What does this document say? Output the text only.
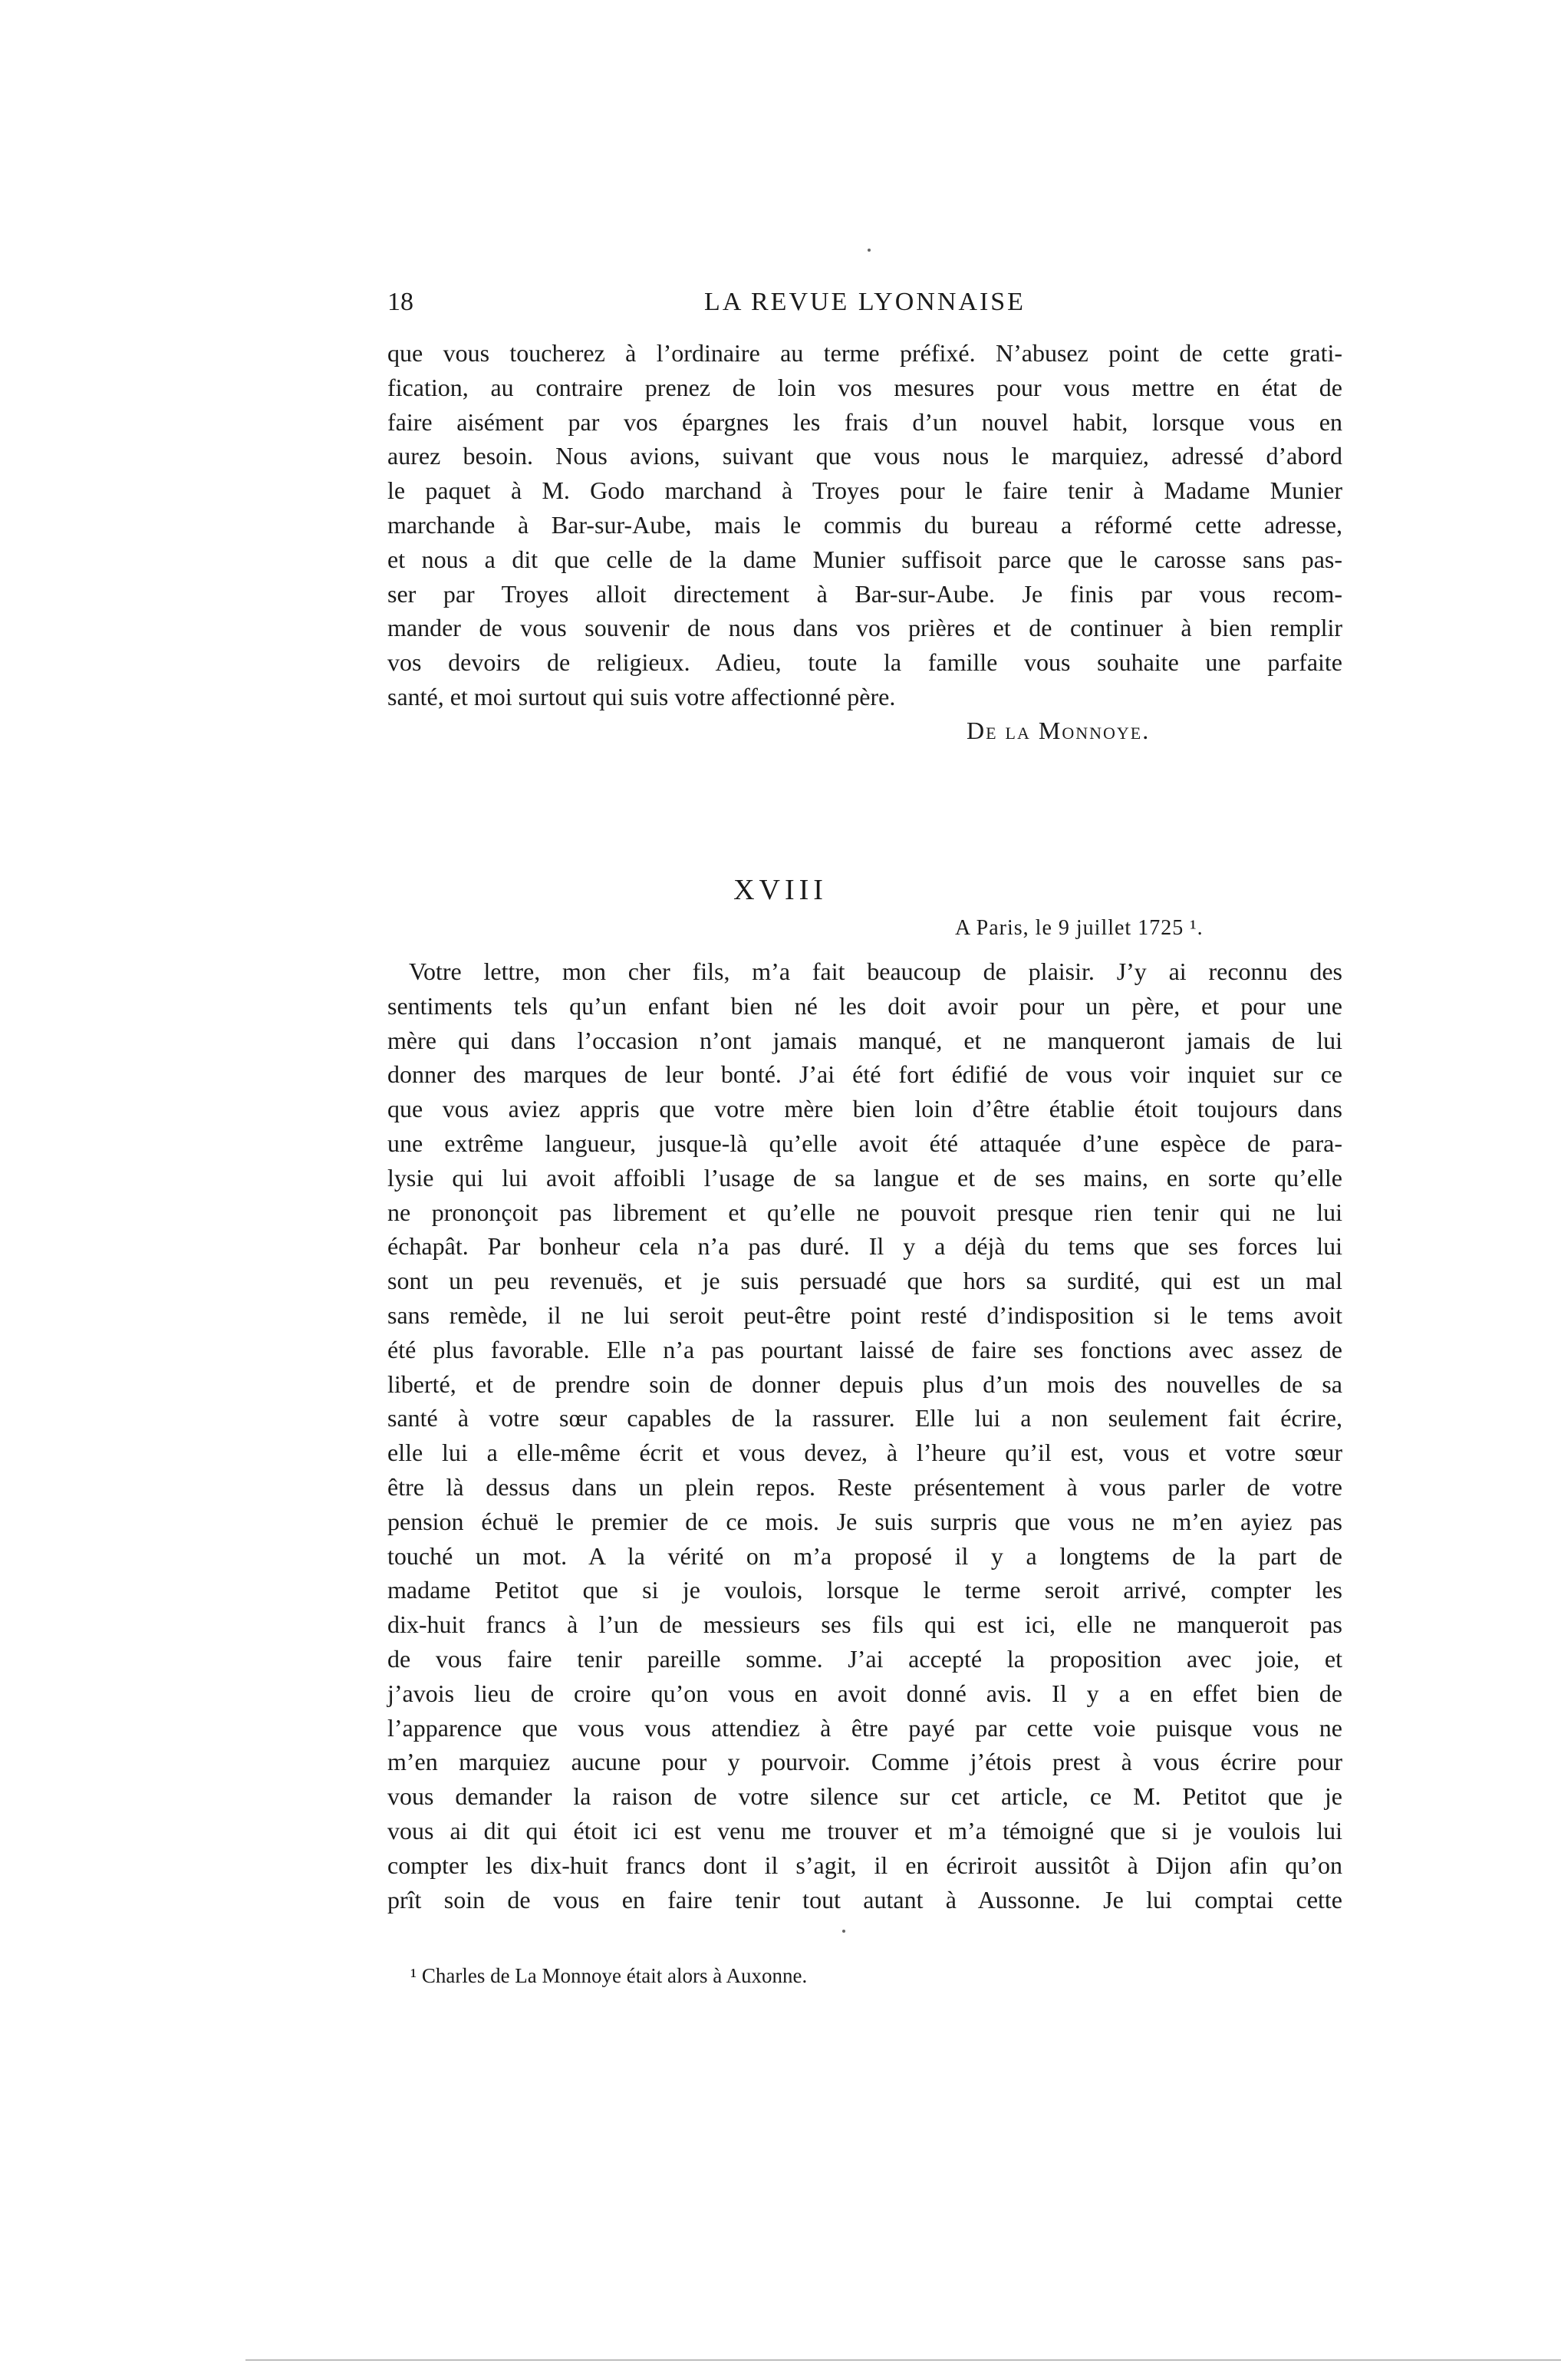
18	LA REVUE LYONNAISE
que vous toucherez à l’ordinaire au terme préfixé. N’abusez point de cette grati-
fication, au contraire prenez de loin vos mesures pour vous mettre en état de
faire aisément par vos épargnes les frais d’un nouvel habit, lorsque vous en
aurez besoin. Nous avions, suivant que vous nous le marquiez, adressé d’abord
le paquet à M. Godo marchand à Troyes pour le faire tenir à Madame Munier
marchande à Bar-sur-Aube, mais le commis du bureau a réformé cette adresse,
et nous a dit que celle de la dame Munier suffisoit parce que le carosse sans pas-
ser par Troyes alloit directement à Bar-sur-Aube. Je finis par vous recom-
mander de vous souvenir de nous dans vos prières et de continuer à bien remplir
vos devoirs de religieux. Adieu, toute la famille vous souhaite une parfaite
santé, et moi surtout qui suis votre affectionné père.
De la Monnoye.
XVIII
A Paris, le 9 juillet 1725 ¹.
Votre lettre, mon cher fils, m’a fait beaucoup de plaisir. J’y ai reconnu des
sentiments tels qu’un enfant bien né les doit avoir pour un père, et pour une
mère qui dans l’occasion n’ont jamais manqué, et ne manqueront jamais de lui
donner des marques de leur bonté. J’ai été fort édifié de vous voir inquiet sur ce
que vous aviez appris que votre mère bien loin d’être établie étoit toujours dans
une extrême langueur, jusque-là qu’elle avoit été attaquée d’une espèce de para-
lysie qui lui avoit affoibli l’usage de sa langue et de ses mains, en sorte qu’elle
ne prononçoit pas librement et qu’elle ne pouvoit presque rien tenir qui ne lui
échapât. Par bonheur cela n’a pas duré. Il y a déjà du tems que ses forces lui
sont un peu revenuës, et je suis persuadé que hors sa surdité, qui est un mal
sans remède, il ne lui seroit peut-être point resté d’indisposition si le tems avoit
été plus favorable. Elle n’a pas pourtant laissé de faire ses fonctions avec assez de
liberté, et de prendre soin de donner depuis plus d’un mois des nouvelles de sa
santé à votre sœur capables de la rassurer. Elle lui a non seulement fait écrire,
elle lui a elle-même écrit et vous devez, à l’heure qu’il est, vous et votre sœur
être là dessus dans un plein repos. Reste présentement à vous parler de votre
pension échuë le premier de ce mois. Je suis surpris que vous ne m’en ayiez pas
touché un mot. A la vérité on m’a proposé il y a longtems de la part de
madame Petitot que si je voulois, lorsque le terme seroit arrivé, compter les
dix-huit francs à l’un de messieurs ses fils qui est ici, elle ne manqueroit pas
de vous faire tenir pareille somme. J’ai accepté la proposition avec joie, et
j’avois lieu de croire qu’on vous en avoit donné avis. Il y a en effet bien de
l’apparence que vous vous attendiez à être payé par cette voie puisque vous ne
m’en marquiez aucune pour y pourvoir. Comme j’étois prest à vous écrire pour
vous demander la raison de votre silence sur cet article, ce M. Petitot que je
vous ai dit qui étoit ici est venu me trouver et m’a témoigné que si je voulois lui
compter les dix-huit francs dont il s’agit, il en écriroit aussitôt à Dijon afin qu’on
prît soin de vous en faire tenir tout autant à Aussonne. Je lui comptai cette
¹ Charles de La Monnoye était alors à Auxonne.
